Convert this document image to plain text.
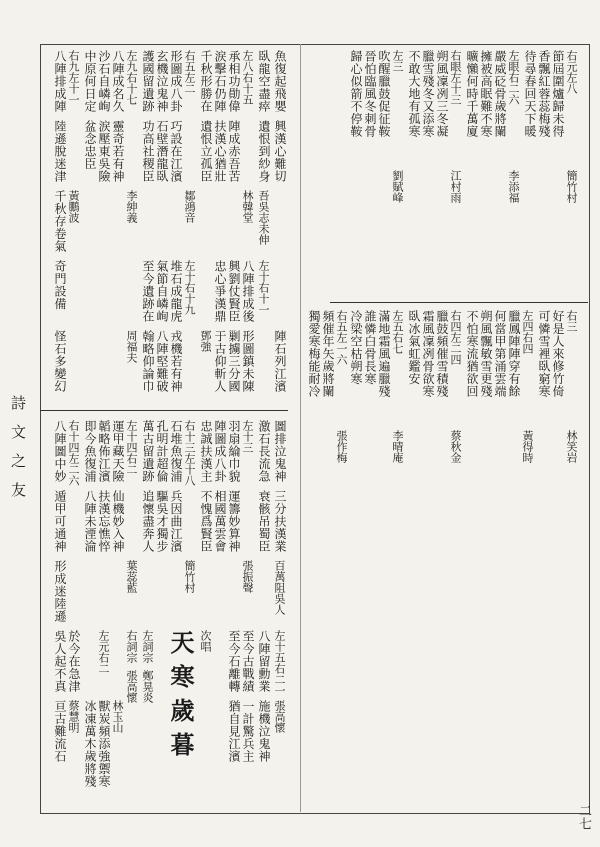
詩文之友
二七
魚復起飛嬰
臥龍空盡瘁
興漢心難切
遺恨到紗身
吾吳志未伸
左八右十五
承相功勛偉
涙擊石仍陣
千秋形勝在
陣成赤吾苦
扶漢心猶壯
遺恨立孤臣
林韓堂
右五左二
形圖成八卦
玄機泣鬼神
護國留遺跡
巧設在江濱
石壁潛龍臥
功高社稷臣
鄒鴻音
左九右十七
八陣成名久
沙石自嶙峋
中原何日定
靈奇若有神
涙壓東吳險
盆念忠臣
李紳義
右九左十一
八陣排成陣
陸遜脫迷津
千秋存卷氣
奇門設備
怪石多變幻	陣石列江濱
黃鵬波
左十右十一
八陣排成後
興劉仗賢臣
忠心爭漢鼎
形圖鎮未陳
剿擄三分國
于古仰斬人
鄧強
左十右十九
堆石成龍虎
氣節自嶙峋
至今遺跡在
戎機若有神
八陣堅難破
翰略仰論巾
周福夫
圖排泣鬼神
激石長流急
三分扶漢業
衰骸吊蜀臣
百萬阻吳人
左十三
羽扇綸巾貌
陣圖成八卦
忠誠扶漢主
運籌妙算神
相國萬雲會
不愧爲賢臣
張振聲
右十三左十八
石堆魚復浦
孔明計超倫
萬古留遺跡
兵因曲江濱
驅吳才獨步
追懷盡奔人
簡竹村
左十四右二
運甲藏天險
韜略佈江濱
即今魚復浦
仙機妙入神
扶漢忘憔悴
八陣未湮淪
葉蕊藍
右十四左二六
八陣圖中妙
遁甲可通神
形成迷陸遜
吳人起不真
亘古難流石
於今在急津
蔡慧明
左十五右二一
八陣留勳業
至今古戰績
至今石離轉
施機泣鬼神
一計驚兵主
猶自見江濱	張高懷
次唱
天寒歲暮
左詞宗
鄭晃炎
右詞宗
張高懷
左元右二
冰凍萬木歲將殘 獸炭頻添強禦寒 林玉山
右元左八
節屆圍爐歸未得
香飄紅蓉蕊梅殘
待尋春回天下暖
簡竹村
左眼右二六
嚴威砭骨歲將闌
擁被高眠難不寒
曠懶何時千萬廈
李添福
右眼左十三
朔風凜冽三冬凝
臘雪殘冬又添寒
不敢大地有孤寒
江村雨
左三
吹醒臘鼓促征鞍
晉怕臨風冬刺骨
歸心似箭不停鞍
劉賦峰
右三
好是人來修竹倚
可憐雪裡臥窮寒
林笑岩
左四右四
臘鳳陣陣穿有餘
何當甲第涌雲端
朔風飄敏雪更殘
不怕寒流猶欲回
黃得時
右四左二四
臘鼓頻催雪積殘
霜風凜冽骨欲寒
臥冰氣虹鑑安
蔡秋金
左五右七
滿地霜風遍臘殘
誰憐白骨長寒
冷梁空枯朔寒
李晴庵
右五左一六
頻催年矢歲將闌
獨愛寒梅能耐冷
張作梅
